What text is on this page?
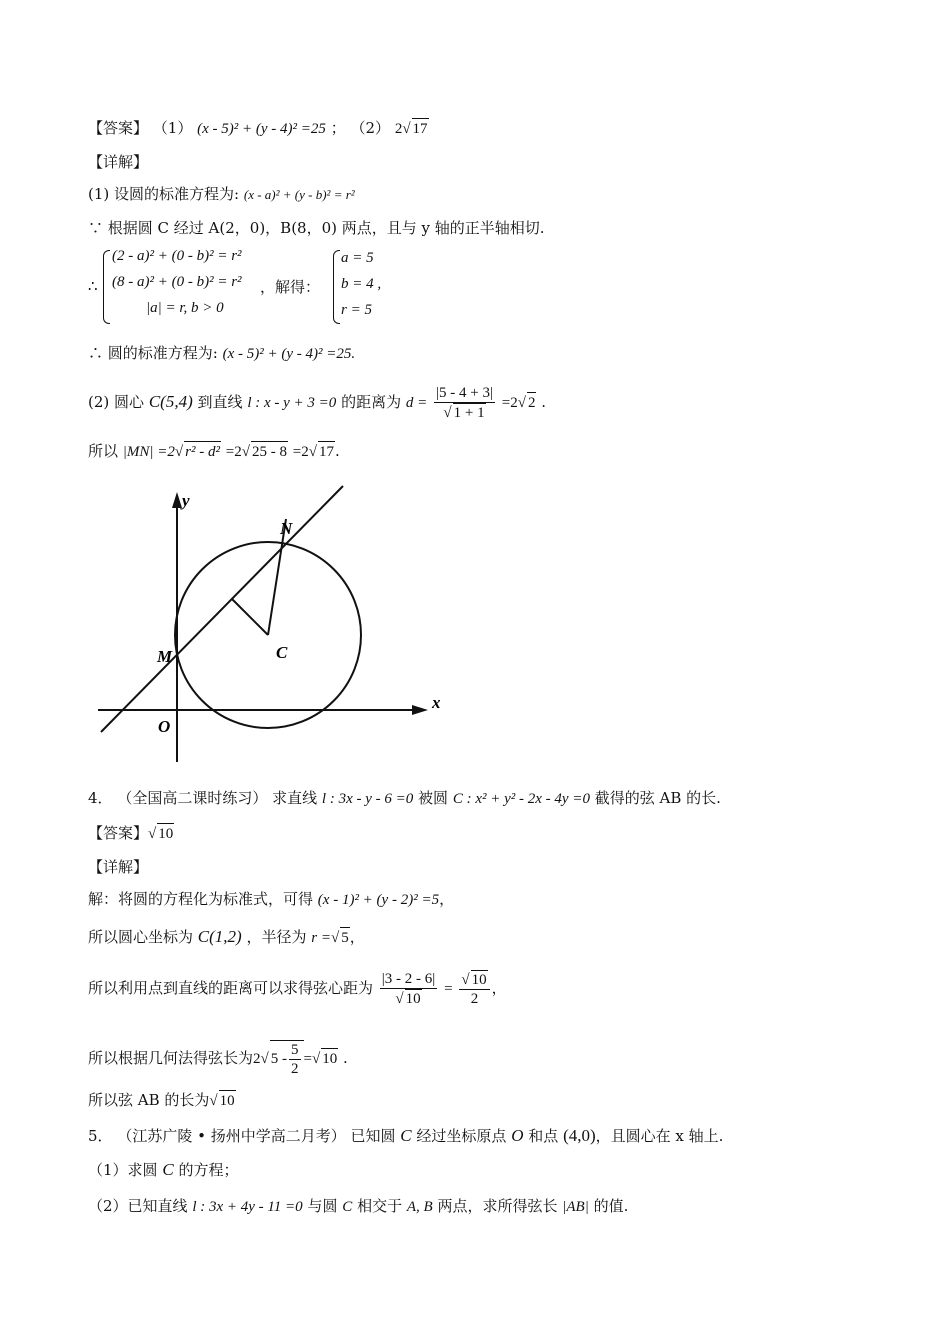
【答案】 （1） (x - 5)² + (y - 4)² =25 ； （2） 2√ 17
【详解】
(1) 设圆的标准方程为: (x - a)² + (y - b)² = r²
∵ 根据圆 C 经过 A(2，0)，B(8，0) 两点，且与 y 轴的正半轴相切.
∴
(2 - a)² + (0 - b)² = r²
(8 - a)² + (0 - b)² = r²
|a| = r, b > 0
，解得：
a = 5
b = 4 ,
r = 5
∴ 圆的标准方程为: (x - 5)² + (y - 4)² =25.
(2) 圆心 C(5,4) 到直线 l : x - y + 3 =0 的距离为 $d = \frac{|5 - 4 + 3|}{√ 1 + 1} =2√$ 2 .
所以 |MN| =2√ r² - d² =2√ 25 - 8 =2√ 17.
y
x
O
M
N
C
4． （全国高二课时练习） 求直线 l : 3x - y - 6 =0 被圆 C : x² + y² - 2x - 4y =0 截得的弦 AB 的长.
【答案】√ 10
【详解】
解：将圆的方程化为标准式，可得 (x - 1)² + (y - 2)² =5，
所以圆心坐标为 C(1,2) ，半径为 r =√ 5，
所以利用点到直线的距离可以求得弦心距为 $\frac{|3 - 2 - 6|}{√ 10} = \frac{√ 10}{2}$ ，
所以根据几何法得弦长为2√ $5 - \frac{5}{2}$ =√ 10 .
所以弦 AB 的长为√ 10
5． （江苏广陵 • 扬州中学高二月考） 已知圆 C 经过坐标原点 O 和点 (4,0)，且圆心在 x 轴上.
（1）求圆 C 的方程；
（2）已知直线 l : 3x + 4y - 11 =0 与圆 C 相交于 A, B 两点，求所得弦长 |AB| 的值.
